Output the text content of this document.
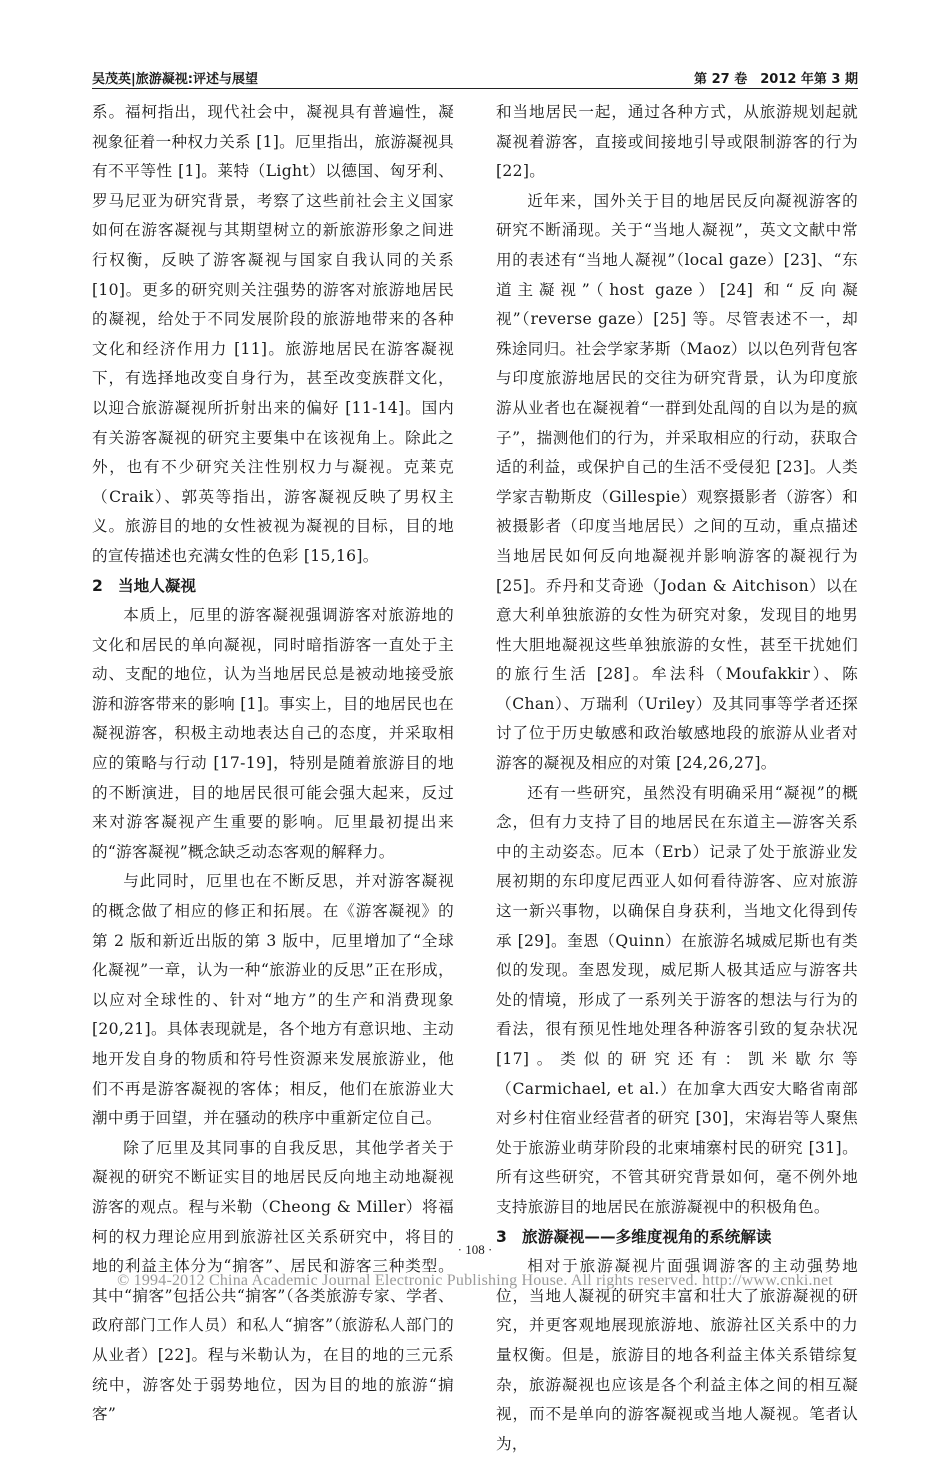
吴茂英|旅游凝视:评述与展望	第 27 卷　2012 年第 3 期

系。福柯指出，现代社会中，凝视具有普遍性，凝视象征着一种权力关系 [1]。厄里指出，旅游凝视具有不平等性 [1]。莱特（Light）以德国、匈牙利、罗马尼亚为研究背景，考察了这些前社会主义国家如何在游客凝视与其期望树立的新旅游形象之间进行权衡，反映了游客凝视与国家自我认同的关系 [10]。更多的研究则关注强势的游客对旅游地居民的凝视，给处于不同发展阶段的旅游地带来的各种文化和经济作用力 [11]。旅游地居民在游客凝视下，有选择地改变自身行为，甚至改变族群文化，以迎合旅游凝视所折射出来的偏好 [11-14]。国内有关游客凝视的研究主要集中在该视角上。除此之外，也有不少研究关注性别权力与凝视。克莱克（Craik）、郭英等指出，游客凝视反映了男权主义。旅游目的地的女性被视为凝视的目标，目的地的宣传描述也充满女性的色彩 [15,16]。

2 当地人凝视

本质上，厄里的游客凝视强调游客对旅游地的文化和居民的单向凝视，同时暗指游客一直处于主动、支配的地位，认为当地居民总是被动地接受旅游和游客带来的影响 [1]。事实上，目的地居民也在凝视游客，积极主动地表达自己的态度，并采取相应的策略与行动 [17-19]，特别是随着旅游目的地的不断演进，目的地居民很可能会强大起来，反过来对游客凝视产生重要的影响。厄里最初提出来的“游客凝视”概念缺乏动态客观的解释力。

与此同时，厄里也在不断反思，并对游客凝视的概念做了相应的修正和拓展。在《游客凝视》的第 2 版和新近出版的第 3 版中，厄里增加了“全球化凝视”一章，认为一种“旅游业的反思”正在形成，以应对全球性的、针对“地方”的生产和消费现象 [20,21]。具体表现就是，各个地方有意识地、主动地开发自身的物质和符号性资源来发展旅游业，他们不再是游客凝视的客体；相反，他们在旅游业大潮中勇于回望，并在骚动的秩序中重新定位自己。

除了厄里及其同事的自我反思，其他学者关于凝视的研究不断证实目的地居民反向地主动地凝视游客的观点。程与米勒（Cheong & Miller）将福柯的权力理论应用到旅游社区关系研究中，将目的地的利益主体分为“掮客”、居民和游客三种类型。其中“掮客”包括公共“掮客”（各类旅游专家、学者、政府部门工作人员）和私人“掮客”（旅游私人部门的从业者）[22]。程与米勒认为，在目的地的三元系统中，游客处于弱势地位，因为目的地的旅游“掮客”

和当地居民一起，通过各种方式，从旅游规划起就凝视着游客，直接或间接地引导或限制游客的行为 [22]。

近年来，国外关于目的地居民反向凝视游客的研究不断涌现。关于“当地人凝视”，英文文献中常用的表述有“当地人凝视”（local gaze）[23]、“东道主凝视”（host gaze）[24] 和“反向凝视”（reverse gaze）[25] 等。尽管表述不一，却殊途同归。社会学家茅斯（Maoz）以以色列背包客与印度旅游地居民的交往为研究背景，认为印度旅游从业者也在凝视着“一群到处乱闯的自以为是的疯子”，揣测他们的行为，并采取相应的行动，获取合适的利益，或保护自己的生活不受侵犯 [23]。人类学家吉勒斯皮（Gillespie）观察摄影者（游客）和被摄影者（印度当地居民）之间的互动，重点描述当地居民如何反向地凝视并影响游客的凝视行为 [25]。乔丹和艾奇逊（Jodan & Aitchison）以在意大利单独旅游的女性为研究对象，发现目的地男性大胆地凝视这些单独旅游的女性，甚至干扰她们的旅行生活 [28]。牟法科（Moufakkir）、陈（Chan）、万瑞利（Uriley）及其同事等学者还探讨了位于历史敏感和政治敏感地段的旅游从业者对游客的凝视及相应的对策 [24,26,27]。

还有一些研究，虽然没有明确采用“凝视”的概念，但有力支持了目的地居民在东道主—游客关系中的主动姿态。厄本（Erb）记录了处于旅游业发展初期的东印度尼西亚人如何看待游客、应对旅游这一新兴事物，以确保自身获利，当地文化得到传承 [29]。奎恩（Quinn）在旅游名城威尼斯也有类似的发现。奎恩发现，威尼斯人极其适应与游客共处的情境，形成了一系列关于游客的想法与行为的看法，很有预见性地处理各种游客引致的复杂状况 [17]。类似的研究还有：凯米歇尔等（Carmichael, et al.）在加拿大西安大略省南部对乡村住宿业经营者的研究 [30]，宋海岩等人聚焦处于旅游业萌芽阶段的北柬埔寨村民的研究 [31]。所有这些研究，不管其研究背景如何，毫不例外地支持旅游目的地居民在旅游凝视中的积极角色。

3 旅游凝视——多维度视角的系统解读

相对于旅游凝视片面强调游客的主动强势地位，当地人凝视的研究丰富和壮大了旅游凝视的研究，并更客观地展现旅游地、旅游社区关系中的力量权衡。但是，旅游目的地各利益主体关系错综复杂，旅游凝视也应该是各个利益主体之间的相互凝视，而不是单向的游客凝视或当地人凝视。笔者认为，

· 108 ·
© 1994-2012 China Academic Journal Electronic Publishing House. All rights reserved. http://www.cnki.net
